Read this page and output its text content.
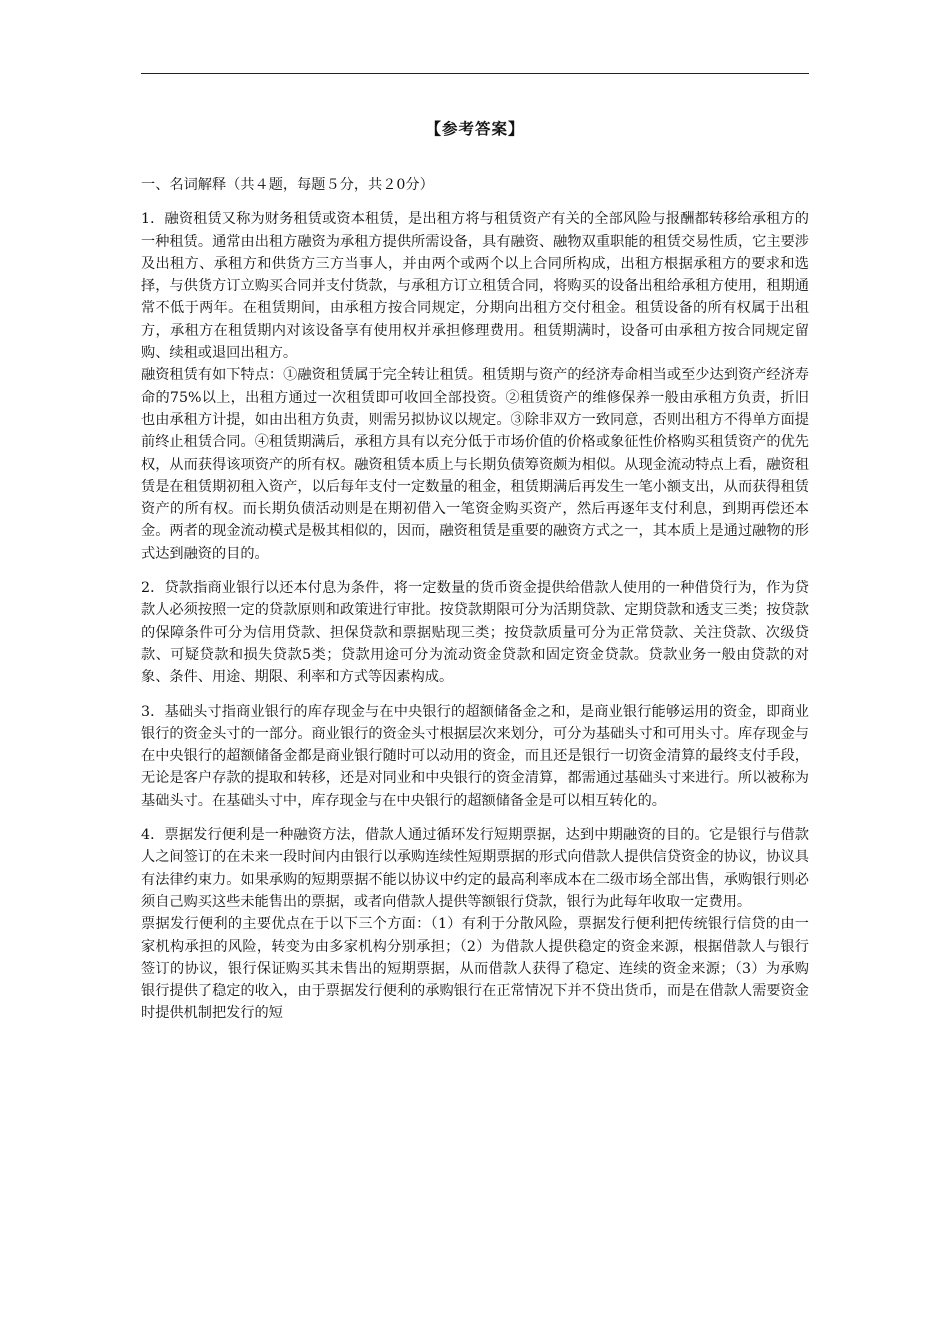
【参考答案】

一、名词解释（共４题，每题５分，共２0分）

1．融资租赁又称为财务租赁或资本租赁，是出租方将与租赁资产有关的全部风险与报酬都转移给承租方的一种租赁。通常由出租方融资为承租方提供所需设备，具有融资、融物双重职能的租赁交易性质，它主要涉及出租方、承租方和供货方三方当事人，并由两个或两个以上合同所构成，出租方根据承租方的要求和选择，与供货方订立购买合同并支付货款，与承租方订立租赁合同，将购买的设备出租给承租方使用，租期通常不低于两年。在租赁期间，由承租方按合同规定，分期向出租方交付租金。租赁设备的所有权属于出租方，承租方在租赁期内对该设备享有使用权并承担修理费用。租赁期满时，设备可由承租方按合同规定留购、续租或退回出租方。

融资租赁有如下特点：①融资租赁属于完全转让租赁。租赁期与资产的经济寿命相当或至少达到资产经济寿命的75%以上，出租方通过一次租赁即可收回全部投资。②租赁资产的维修保养一般由承租方负责，折旧也由承租方计提，如由出租方负责，则需另拟协议以规定。③除非双方一致同意，否则出租方不得单方面提前终止租赁合同。④租赁期满后，承租方具有以充分低于市场价值的价格或象征性价格购买租赁资产的优先权，从而获得该项资产的所有权。融资租赁本质上与长期负债筹资颇为相似。从现金流动特点上看，融资租赁是在租赁期初租入资产，以后每年支付一定数量的租金，租赁期满后再发生一笔小额支出，从而获得租赁资产的所有权。而长期负债活动则是在期初借入一笔资金购买资产，然后再逐年支付利息，到期再偿还本金。两者的现金流动模式是极其相似的，因而，融资租赁是重要的融资方式之一，其本质上是通过融物的形式达到融资的目的。

2．贷款指商业银行以还本付息为条件，将一定数量的货币资金提供给借款人使用的一种借贷行为，作为贷款人必须按照一定的贷款原则和政策进行审批。按贷款期限可分为活期贷款、定期贷款和透支三类；按贷款的保障条件可分为信用贷款、担保贷款和票据贴现三类；按贷款质量可分为正常贷款、关注贷款、次级贷款、可疑贷款和损失贷款5类；贷款用途可分为流动资金贷款和固定资金贷款。贷款业务一般由贷款的对象、条件、用途、期限、利率和方式等因素构成。

3．基础头寸指商业银行的库存现金与在中央银行的超额储备金之和，是商业银行能够运用的资金，即商业银行的资金头寸的一部分。商业银行的资金头寸根据层次来划分，可分为基础头寸和可用头寸。库存现金与在中央银行的超额储备金都是商业银行随时可以动用的资金，而且还是银行一切资金清算的最终支付手段，无论是客户存款的提取和转移，还是对同业和中央银行的资金清算，都需通过基础头寸来进行。所以被称为基础头寸。在基础头寸中，库存现金与在中央银行的超额储备金是可以相互转化的。

4．票据发行便利是一种融资方法，借款人通过循环发行短期票据，达到中期融资的目的。它是银行与借款人之间签订的在未来一段时间内由银行以承购连续性短期票据的形式向借款人提供信贷资金的协议，协议具有法律约束力。如果承购的短期票据不能以协议中约定的最高利率成本在二级市场全部出售，承购银行则必须自己购买这些未能售出的票据，或者向借款人提供等额银行贷款，银行为此每年收取一定费用。

票据发行便利的主要优点在于以下三个方面：（1）有利于分散风险，票据发行便利把传统银行信贷的由一家机构承担的风险，转变为由多家机构分别承担；（2）为借款人提供稳定的资金来源，根据借款人与银行签订的协议，银行保证购买其未售出的短期票据，从而借款人获得了稳定、连续的资金来源；（3）为承购银行提供了稳定的收入，由于票据发行便利的承购银行在正常情况下并不贷出货币，而是在借款人需要资金时提供机制把发行的短
